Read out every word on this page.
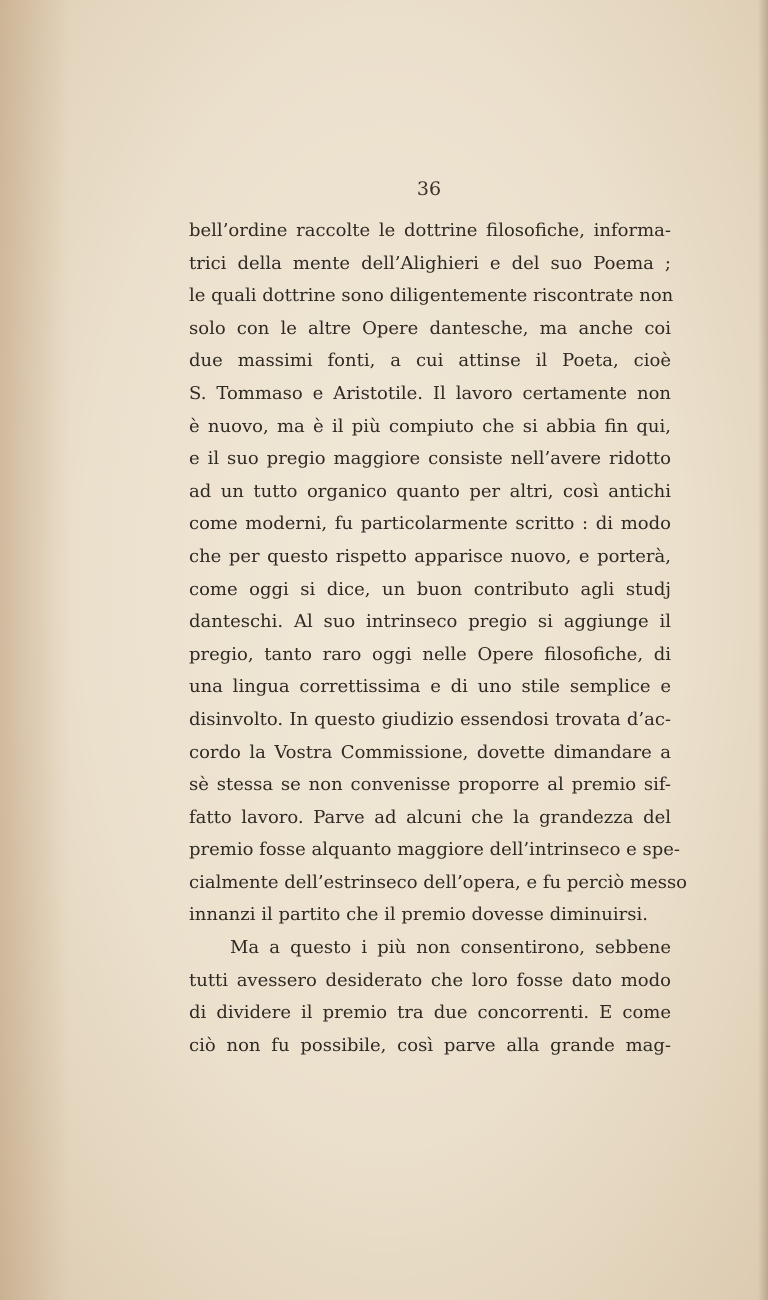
36
bell’ordine raccolte le dottrine filosofiche, informa-
trici della mente dell’Alighieri e del suo Poema ;
le quali dottrine sono diligentemente riscontrate non
solo con le altre Opere dantesche, ma anche coi
due massimi fonti, a cui attinse il Poeta, cioè
S. Tommaso e Aristotile. Il lavoro certamente non
è nuovo, ma è il più compiuto che si abbia fin qui,
e il suo pregio maggiore consiste nell’avere ridotto
ad un tutto organico quanto per altri, così antichi
come moderni, fu particolarmente scritto : di modo
che per questo rispetto apparisce nuovo, e porterà,
come oggi si dice, un buon contributo agli studj
danteschi. Al suo intrinseco pregio si aggiunge il
pregio, tanto raro oggi nelle Opere filosofiche, di
una lingua correttissima e di uno stile semplice e
disinvolto. In questo giudizio essendosi trovata d’ac-
cordo la Vostra Commissione, dovette dimandare a
sè stessa se non convenisse proporre al premio sif-
fatto lavoro. Parve ad alcuni che la grandezza del
premio fosse alquanto maggiore dell’intrinseco e spe-
cialmente dell’estrinseco dell’opera, e fu perciò messo
innanzi il partito che il premio dovesse diminuirsi.
Ma a questo i più non consentirono, sebbene
tutti avessero desiderato che loro fosse dato modo
di dividere il premio tra due concorrenti. E come
ciò non fu possibile, così parve alla grande mag-
